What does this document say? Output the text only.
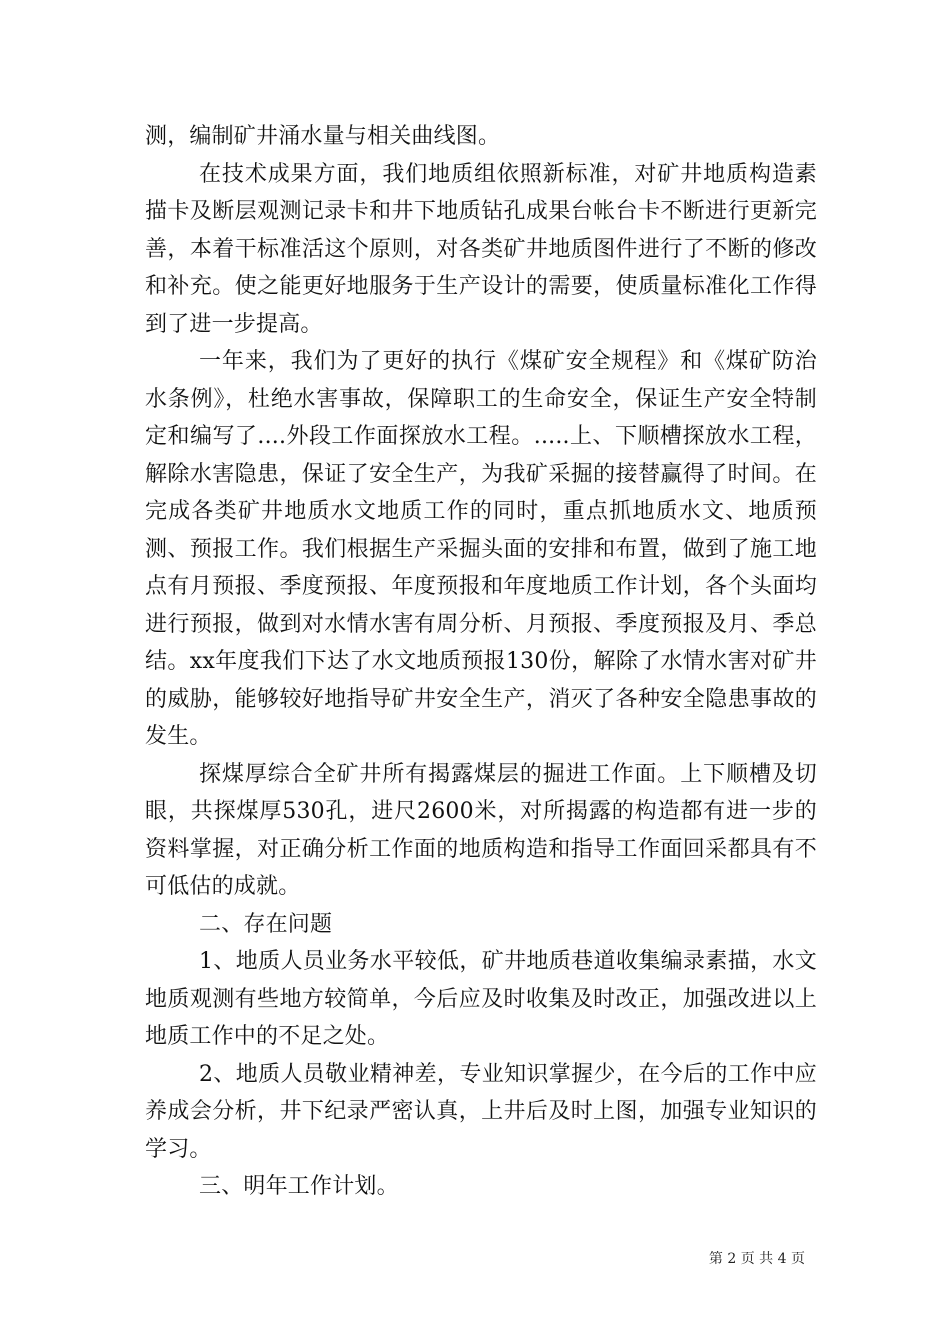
测，编制矿井涌水量与相关曲线图。

在技术成果方面，我们地质组依照新标准，对矿井地质构造素描卡及断层观测记录卡和井下地质钻孔成果台帐台卡不断进行更新完善，本着干标准活这个原则，对各类矿井地质图件进行了不断的修改和补充。使之能更好地服务于生产设计的需要，使质量标准化工作得到了进一步提高。

一年来，我们为了更好的执行《煤矿安全规程》和《煤矿防治水条例》，杜绝水害事故，保障职工的生命安全，保证生产安全特制定和编写了....外段工作面探放水工程。.....上、下顺槽探放水工程，解除水害隐患，保证了安全生产，为我矿采掘的接替赢得了时间。在完成各类矿井地质水文地质工作的同时，重点抓地质水文、地质预测、预报工作。我们根据生产采掘头面的安排和布置，做到了施工地点有月预报、季度预报、年度预报和年度地质工作计划，各个头面均进行预报，做到对水情水害有周分析、月预报、季度预报及月、季总结。xx年度我们下达了水文地质预报130份，解除了水情水害对矿井的威胁，能够较好地指导矿井安全生产，消灭了各种安全隐患事故的发生。

探煤厚综合全矿井所有揭露煤层的掘进工作面。上下顺槽及切眼，共探煤厚530孔，进尺2600米，对所揭露的构造都有进一步的资料掌握，对正确分析工作面的地质构造和指导工作面回采都具有不可低估的成就。

二、存在问题

1、地质人员业务水平较低，矿井地质巷道收集编录素描，水文地质观测有些地方较简单，今后应及时收集及时改正，加强改进以上地质工作中的不足之处。

2、地质人员敬业精神差，专业知识掌握少，在今后的工作中应养成会分析，井下纪录严密认真，上井后及时上图，加强专业知识的学习。

三、明年工作计划。

第 2 页 共 4 页
